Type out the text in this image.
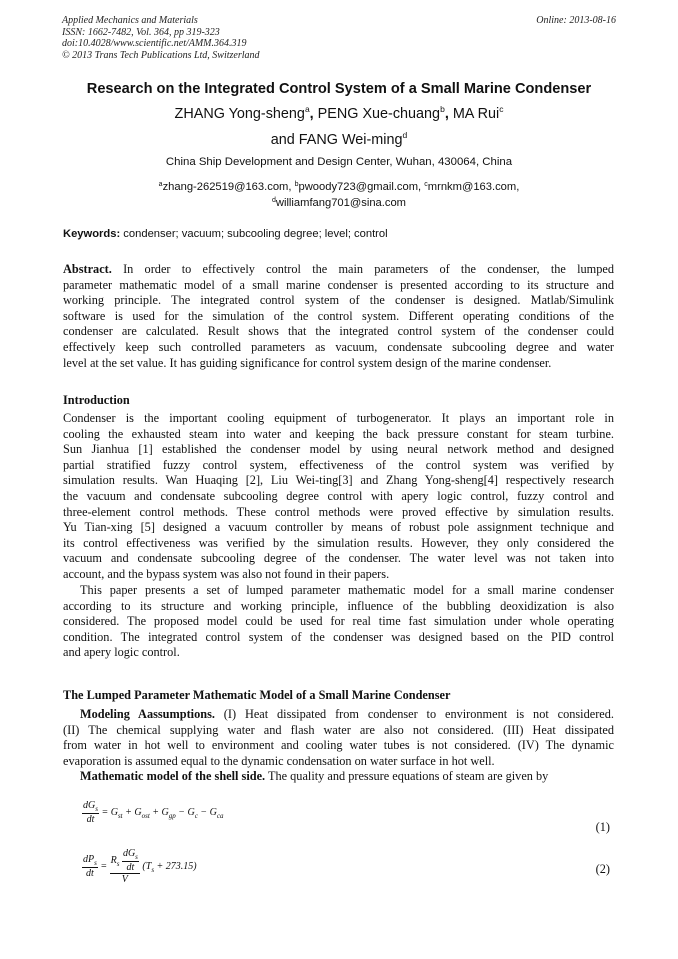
Applied Mechanics and Materials
ISSN: 1662-7482, Vol. 364, pp 319-323
doi:10.4028/www.scientific.net/AMM.364.319
© 2013 Trans Tech Publications Ltd, Switzerland
Online: 2013-08-16
Research on the Integrated Control System of a Small Marine Condenser
ZHANG Yong-sheng$^a$, PENG Xue-chuang$^b$, MA Rui$^c$
and FANG Wei-ming$^d$
China Ship Development and Design Center, Wuhan, 430064, China
$^a$zhang-262519@163.com, $^b$pwoody723@gmail.com, $^c$mrnkm@163.com,
$^d$williamfang701@sina.com
Keywords: condenser; vacuum; subcooling degree; level; control
Abstract. In order to effectively control the main parameters of the condenser, the lumped
parameter mathematic model of a small marine condenser is presented according to its structure and
working principle. The integrated control system of the condenser is designed. Matlab/Simulink
software is used for the simulation of the control system. Different operating conditions of the
condenser are calculated. Result shows that the integrated control system of the condenser could
effectively keep such controlled parameters as vacuum, condensate subcooling degree and water
level at the set value. It has guiding significance for control system design of the marine condenser.
Introduction
Condenser is the important cooling equipment of turbogenerator. It plays an important role in
cooling the exhausted steam into water and keeping the back pressure constant for steam turbine.
Sun Jianhua [1] established the condenser model by using neural network method and designed
partial stratified fuzzy control system, effectiveness of the control system was verified by
simulation results. Wan Huaqing [2], Liu Wei-ting[3] and Zhang Yong-sheng[4] respectively research
the vacuum and condensate subcooling degree control with apery logic control, fuzzy control and
three-element control methods. These control methods were proved effective by simulation results.
Yu Tian-xing [5] designed a vacuum controller by means of robust pole assignment technique and
its control effectiveness was verified by the simulation results. However, they only considered the
vacuum and condensate subcooling degree of the condenser. The water level was not taken into
account, and the bypass system was also not found in their papers.
This paper presents a set of lumped parameter mathematic model for a small marine condenser
according to its structure and working principle, influence of the bubbling deoxidization is also
considered. The proposed model could be used for real time fast simulation under whole operating
condition. The integrated control system of the condenser was designed based on the PID control
and apery logic control.
The Lumped Parameter Mathematic Model of a Small Marine Condenser
Modeling Aassumptions. (I) Heat dissipated from condenser to environment is not considered.
(II) The chemical supplying water and flash water are also not considered. (III) Heat dissipated
from water in hot well to environment and cooling water tubes is not considered. (IV) The dynamic
evaporation is assumed equal to the dynamic condensation on water surface in hot well.
Mathematic model of the shell side. The quality and pressure equations of steam are given by
$\frac{dG_s}{dt} = G_{st} + G_{ost} + G_{gp} - G_c - G_{ca}$
(1)
$\frac{dP_s}{dt} = \frac{R_s \frac{dG_s}{dt}}{V} (T_s + 273.15)$	(2)
